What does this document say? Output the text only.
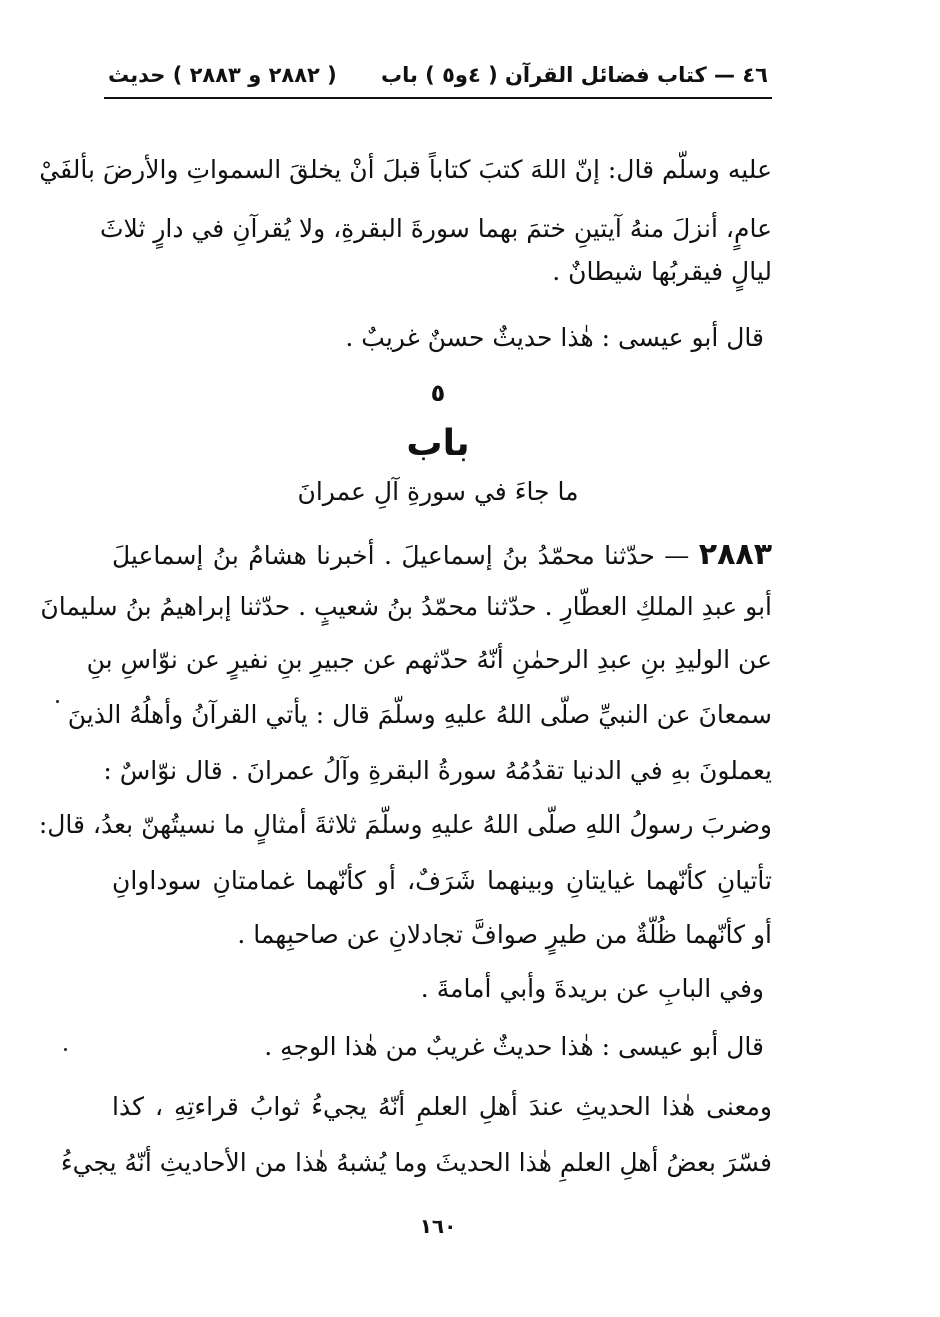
٤٦ — كتاب فضائل القرآن ( ٤و٥ ) باب
( ٢٨٨٢ و ٢٨٨٣ ) حديث
عليه وسلّم قال: إنّ اللهَ كتبَ كتاباً قبلَ أنْ يخلقَ السمواتِ والأرضَ بألفَيْ
عامٍ، أنزلَ منهُ آيتينِ ختمَ بهما سورةَ البقرةِ، ولا يُقرآنِ في دارٍ ثلاثَ
ليالٍ فيقربُها شيطانٌ .
قال أبو عيسى : هٰذا حديثٌ حسنٌ غريبٌ .
٥
باب
ما جاءَ في سورةِ آلِ عمرانَ
٢٨٨٣ — حدّثنا محمّدُ بنُ إسماعيلَ . أخبرنا هشامُ بنُ إسماعيلَ
أبو عبدِ الملكِ العطّارِ . حدّثنا محمّدُ بنُ شعيبٍ . حدّثنا إبراهيمُ بنُ سليمانَ
عن الوليدِ بنِ عبدِ الرحمٰنِ أنّهُ حدّثهم عن جبيرِ بنِ نفيرٍ عن نوّاسِ بنِ
سمعانَ عن النبيِّ صلّى اللهُ عليهِ وسلّمَ قال : يأتي القرآنُ وأهلُهُ الذينَ
يعملونَ بهِ في الدنيا تقدُمُهُ سورةُ البقرةِ وآلُ عمرانَ . قال نوّاسٌ :
وضربَ رسولُ اللهِ صلّى اللهُ عليهِ وسلّمَ ثلاثةَ أمثالٍ ما نسيتُهنّ بعدُ، قال:
تأتيانِ كأنّهما غيايتانِ وبينهما شَرَفٌ، أو كأنّهما غمامتانِ سوداوانِ
أو كأنّهما ظُلّةٌ من طيرٍ صوافَّ تجادلانِ عن صاحبِهما .
وفي البابِ عن بريدةَ وأبي أمامةَ .
قال أبو عيسى : هٰذا حديثٌ غريبٌ من هٰذا الوجهِ .
ومعنى هٰذا الحديثِ عندَ أهلِ العلمِ أنّهُ يجيءُ ثوابُ قراءتِهِ ، كذا
فسّرَ بعضُ أهلِ العلمِ هٰذا الحديثَ وما يُشبهُ هٰذا من الأحاديثِ أنّهُ يجيءُ
١٦٠
